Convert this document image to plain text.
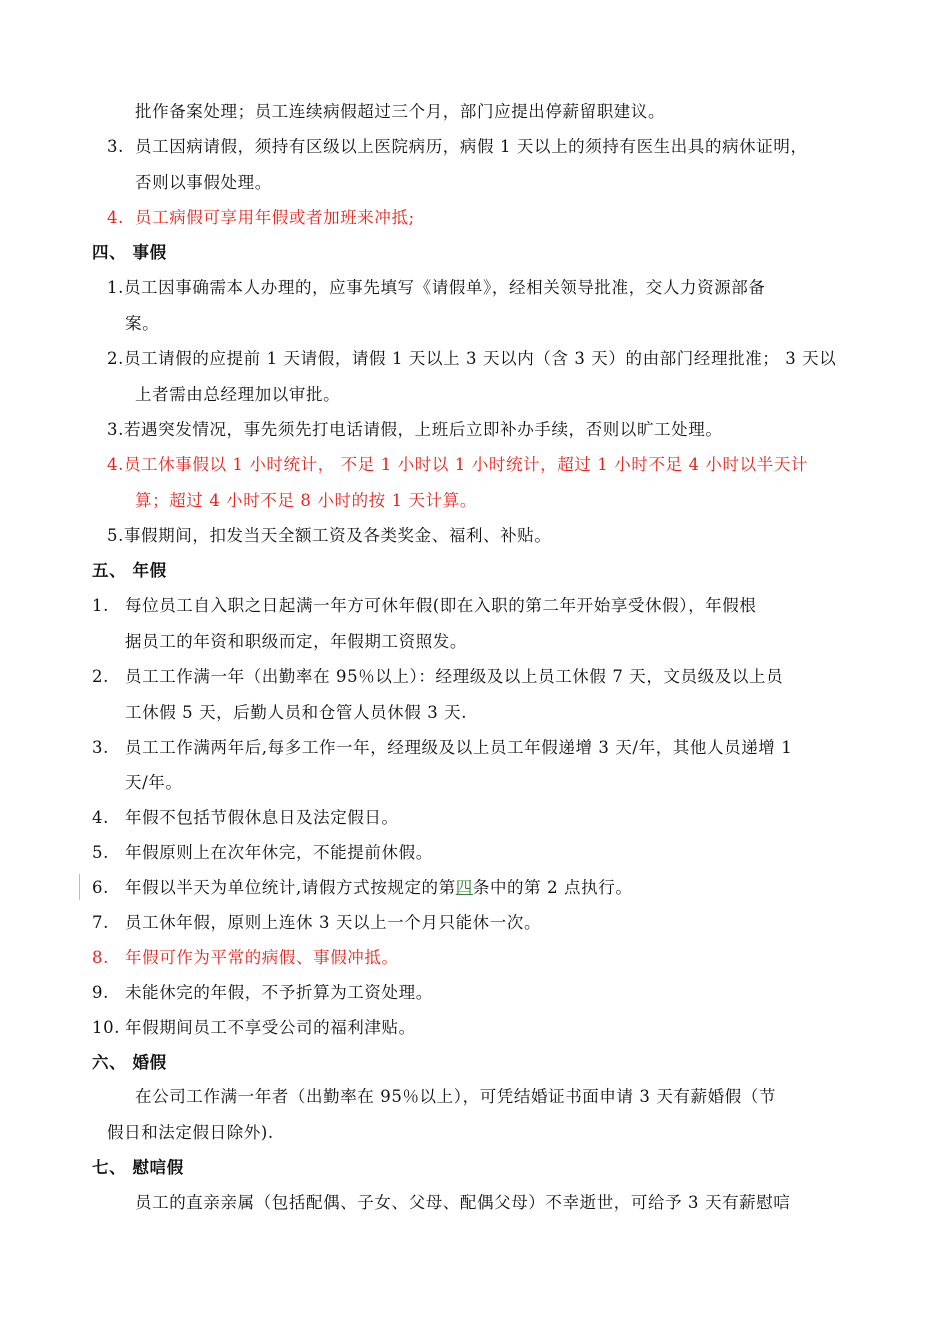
批作备案处理；员工连续病假超过三个月，部门应提出停薪留职建议。
3. 员工因病请假，须持有区级以上医院病历，病假 1 天以上的须持有医生出具的病休证明，
否则以事假处理。
4. 员工病假可享用年假或者加班来冲抵;
四、 事假
1.员工因事确需本人办理的，应事先填写《请假单》，经相关领导批准，交人力资源部备
案。
2.员工请假的应提前 1 天请假，请假 1 天以上 3 天以内（含 3 天）的由部门经理批准； 3 天以
上者需由总经理加以审批。
3.若遇突发情况，事先须先打电话请假，上班后立即补办手续，否则以旷工处理。
4.员工休事假以 1 小时统计， 不足 1 小时以 1 小时统计，超过 1 小时不足 4 小时以半天计
算；超过 4 小时不足 8 小时的按 1 天计算。
5.事假期间，扣发当天全额工资及各类奖金、福利、补贴。
五、 年假
1. 每位员工自入职之日起满一年方可休年假(即在入职的第二年开始享受休假），年假根
据员工的年资和职级而定，年假期工资照发。
2. 员工工作满一年（出勤率在 95％以上）：经理级及以上员工休假 7 天，文员级及以上员
工休假 5 天，后勤人员和仓管人员休假 3 天.
3. 员工工作满两年后,每多工作一年，经理级及以上员工年假递增 3 天/年，其他人员递增 1
天/年。
4. 年假不包括节假休息日及法定假日。
5. 年假原则上在次年休完，不能提前休假。
6. 年假以半天为单位统计,请假方式按规定的第四条中的第 2 点执行。
7. 员工休年假，原则上连休 3 天以上一个月只能休一次。
8. 年假可作为平常的病假、事假冲抵。
9. 未能休完的年假，不予折算为工资处理。
10. 年假期间员工不享受公司的福利津贴。
六、 婚假
在公司工作满一年者（出勤率在 95％以上），可凭结婚证书面申请 3 天有薪婚假（节
假日和法定假日除外).
七、 慰唁假
员工的直亲亲属（包括配偶、子女、父母、配偶父母）不幸逝世，可给予 3 天有薪慰唁
